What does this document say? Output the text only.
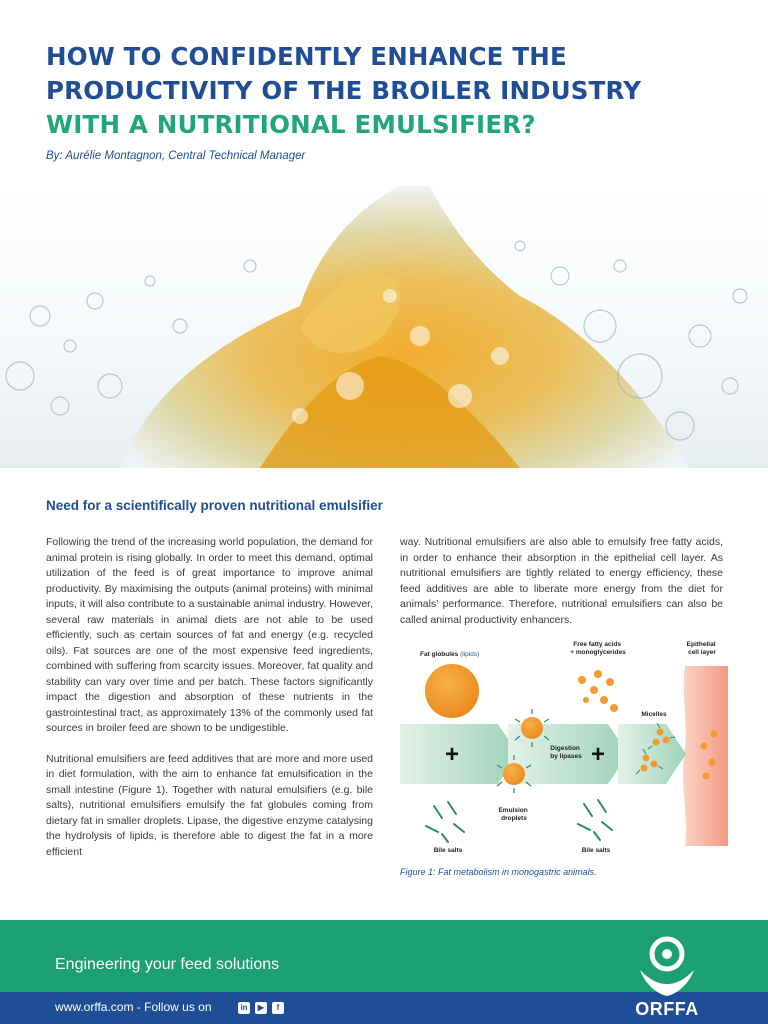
HOW TO CONFIDENTLY ENHANCE THE
PRODUCTIVITY OF THE BROILER INDUSTRY
WITH A NUTRITIONAL EMULSIFIER?
By: Aurélie Montagnon, Central Technical Manager
Need for a scientifically proven nutritional emulsifier

Following the trend of the increasing world population, the demand for animal protein is rising globally. In order to meet this demand, optimal utilization of the feed is of great importance to improve animal productivity. By maximising the outputs (animal proteins) with minimal inputs, it will also contribute to a sustainable animal industry. However, several raw materials in animal diets are not able to be used efficiently, such as certain sources of fat and energy (e.g. recycled oils). Fat sources are one of the most expensive feed ingredients, combined with suffering from scarcity issues. Moreover, fat quality and stability can vary over time and per batch. These factors significantly impact the digestion and absorption of these nutrients in the gastrointestinal tract, as approximately 13% of the commonly used fat sources in broiler feed are shown to be undigestible.

Nutritional emulsifiers are feed additives that are more and more used in diet formulation, with the aim to enhance fat emulsification in the small intestine (Figure 1). Together with natural emulsifiers (e.g. bile salts), nutritional emulsifiers emulsify the fat globules coming from dietary fat in smaller droplets. Lipase, the digestive enzyme catalysing the hydrolysis of lipids, is therefore able to digest the fat in a more efficient

way. Nutritional emulsifiers are also able to emulsify free fatty acids, in order to enhance their absorption in the epithelial cell layer. As nutritional emulsifiers are tightly related to energy efficiency, these feed additives are able to liberate more energy from the diet for animals’ performance. Therefore, nutritional emulsifiers can also be called animal productivity enhancers.

+	+
Fat globules (lipids)
Digestion by lipases
Emulsion droplets
Free fatty acids + monoglycerides
Micelles
Epithelial cell layer
Bile salts	Bile salts
Figure 1: Fat metabolism in monogastric animals.
Engineering your feed solutions
www.orffa.com - Follow us on	in	▶	f	ORFFA
